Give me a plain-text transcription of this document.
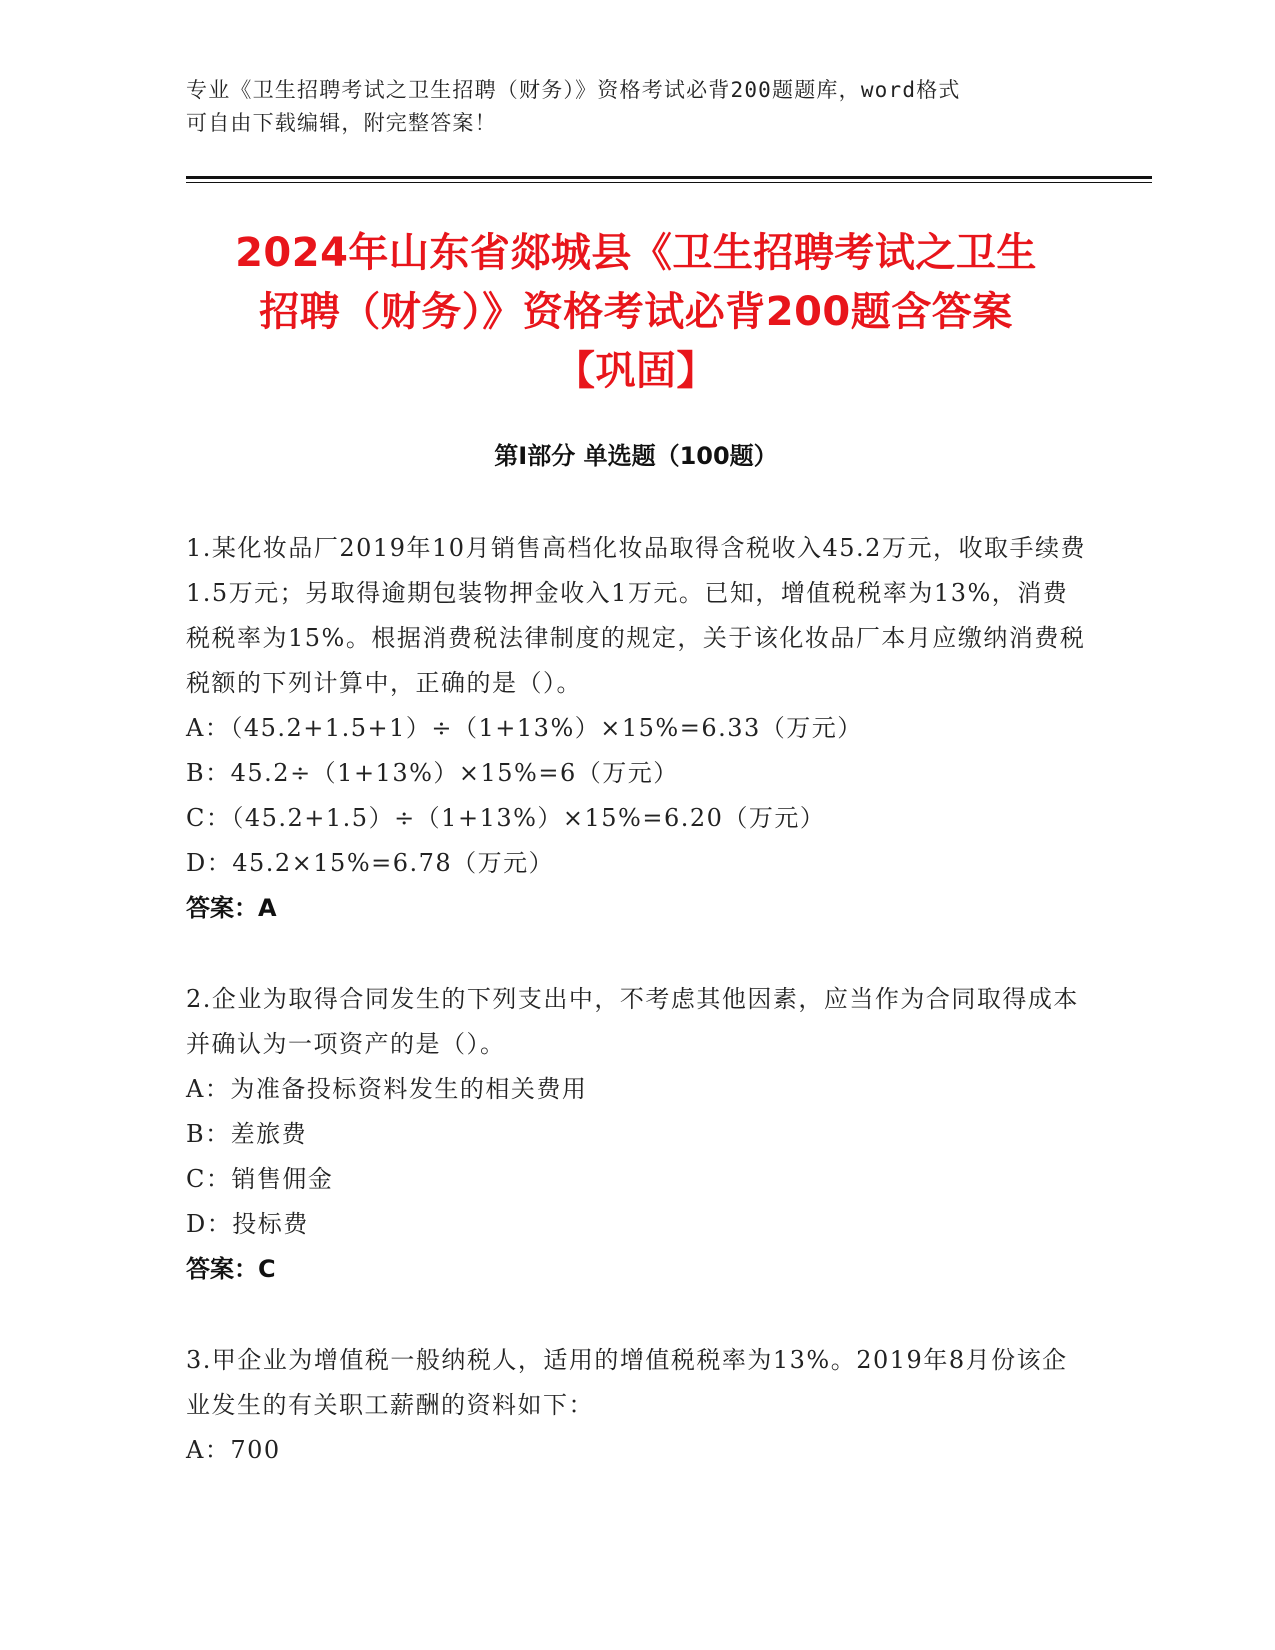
专业《卫生招聘考试之卫生招聘（财务）》资格考试必背200题题库，word格式
可自由下载编辑，附完整答案！
2024年山东省郯城县《卫生招聘考试之卫生
招聘（财务）》资格考试必背200题含答案
【巩固】
第I部分 单选题（100题）
1.某化妆品厂2019年10月销售高档化妆品取得含税收入45.2万元，收取手续费1.5万元；另取得逾期包装物押金收入1万元。已知，增值税税率为13%，消费税税率为15%。根据消费税法律制度的规定，关于该化妆品厂本月应缴纳消费税税额的下列计算中，正确的是（）。
A：（45.2+1.5+1）÷（1+13%）×15%=6.33（万元）
B：45.2÷（1+13%）×15%=6（万元）
C：（45.2+1.5）÷（1+13%）×15%=6.20（万元）
D：45.2×15%=6.78（万元）
答案：A
2.企业为取得合同发生的下列支出中，不考虑其他因素，应当作为合同取得成本并确认为一项资产的是（）。
A：为准备投标资料发生的相关费用
B：差旅费
C：销售佣金
D：投标费
答案：C
3.甲企业为增值税一般纳税人，适用的增值税税率为13%。2019年8月份该企业发生的有关职工薪酬的资料如下：
A：700
